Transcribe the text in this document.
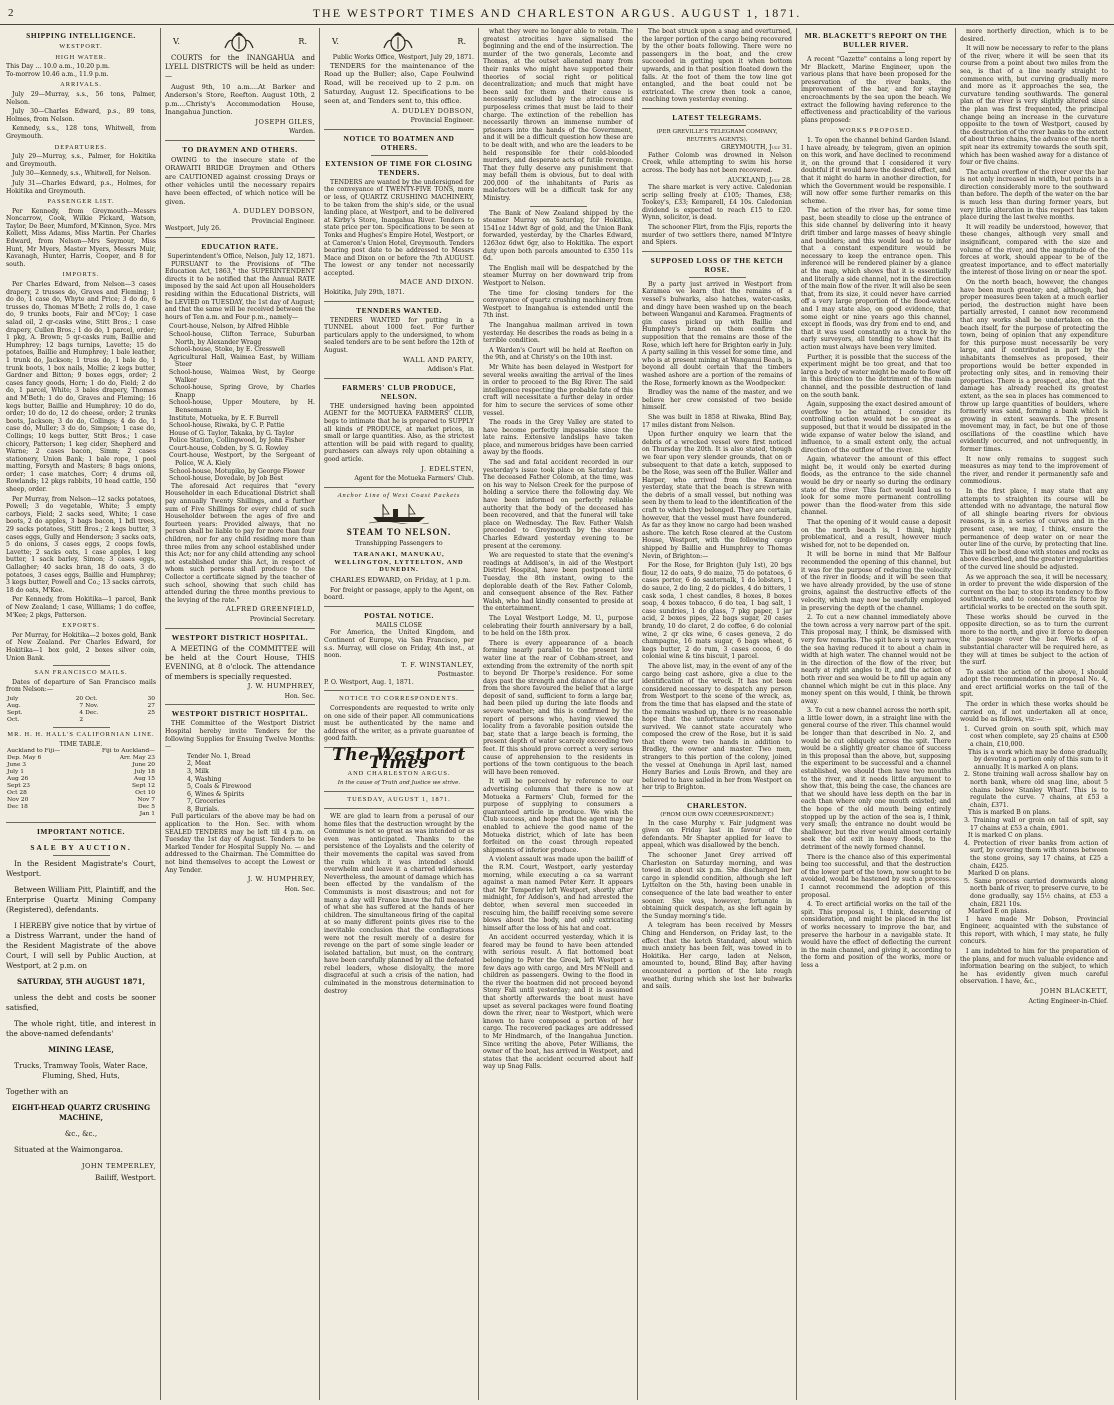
2	THE WESTPORT TIMES AND CHARLESTON ARGUS. AUGUST 1, 1871.
SHIPPING INTELLIGENCE.
WESTPORT.
HIGH WATER.
This Day ... 10.0 a.m., 10.20 p.m.
To-morrow 10.46 a.m., 11.9 p.m.
ARRIVALS.

July 29—Murray, s.s., 56 tons, Palmer, Nelson.

July 30—Charles Edward, p.s., 89 tons, Holmes, from Nelson.

Kennedy, s.s., 128 tons, Whitwell, from Greymouth.

DEPARTURES.

July 29—Murray, s.s., Palmer, for Hokitika and Greymouth.

July 30—Kennedy, s.s., Whitwell, for Nelson.

July 31—Charles Edward, p.s., Holmes, for Hokitika and Greymouth.

PASSENGER LIST.

Per Kennedy, from Greymouth—Messrs Noncarrow, Cook, Wilkie Pickard, Watson, Taylor, De Beer, Mumford, M'Kinnon, Syce. Mrs Kollett, Miss Adams, Miss Martin. Per Charles Edward, from Nelson—Mrs Seymour, Miss Hunt, Mr Myers, Master Myers, Messrs Muir, Kavanagh, Hunter, Harris, Cooper, and 8 for south.

IMPORTS.

Per Charles Edward, from Nelson—3 cases drapery, 2 trusses do, Graves and Fleming; 1 do do, 1 case do, Whyte and Price; 3 do do, 6 trusses do, Thomas M'Beth; 2 rolls do, 1 case do, 9 trunks boots, Fair and M'Coy; 1 case salad oil, 2 qr-casks wine, Stitt Bros.; 1 case drapery, Cullen Bros.; 1 do do, 1 parcel, order; 1 pkg, A. Brown; 5 qr-casks rum, Baillie and Humphrey; 12 bags turnips, Lavette; 15 do potatoes, Baillie and Humphrey; 1 bale leather, 1 trunk do, Jackson; 1 truss do, 1 bale do, 1 trunk boots, 1 box nails, Mollie; 2 kegs butter, Gardner and Bitton; 9 boxes eggs, order; 2 cases fancy goods, Horn; 1 do do, Field; 2 do do, 1 parcel, White; 3 bales drapery, Thomas and M'Beth; 1 do do, Graves and Fleming; 16 kegs butter, Baillie and Humphrey; 10 do do, order; 10 do do, 12 do cheese, order; 2 trunks boots, Jackson; 3 do do, Collings; 4 do do, 1 case do, Muller; 3 do do, Simpson; 1 case do, Collings; 10 kegs butter, Stitt Bros.; 1 case chicory, Patterson; 1 keg cider, Shepherd and Warne; 2 cases bacon, Simm; 2 cases stationery, Union Bank; 1 bale rope, 1 pool matting, Forsyth and Masters; 8 bags onions, order; 1 case matches, Corr; 4 drums oil, Rowlands; 12 pkgs rabbits, 10 head cattle, 150 sheep, order.

Per Murray, from Nelson—12 sacks potatoes, Powell; 3 do vegetable, White; 3 empty carboys, Field; 2 sacks seed, White; 1 case boots, 2 do apples, 3 bags bacon, 1 bdl trees, 29 sacks potatoes, Stitt Bros.; 2 kegs butter, 3 cases eggs, Gully and Henderson; 3 sacks oats, 5 do onions, 3 cases eggs, 2 coops fowls, Lavette; 2 sacks oats, 1 case apples, 1 keg butter, 1 sack barley, Simon; 3 cases eggs, Gallagher; 40 sacks bran, 18 do oats, 3 do potatoes, 3 cases eggs, Baillie and Humphrey; 3 kegs butter, Powell and Co.; 13 sacks carrots, 18 do oats, M'Kee.

Per Kennedy, from Hokitika—1 parcel, Bank of New Zealand; 1 case, Williams; 1 do coffee, M'Kee; 2 pkgs, Patterson.

EXPORTS.

Per Murray, for Hokitika—2 boxes gold, Bank of New Zealand. Per Charles Edward, for Hokitika—1 box gold, 2 boxes silver coin, Union Bank.

SAN FRANCISCO MAILS.

Dates of departure of San Francisco mails from Nelson:—

July	20	Oct.	30
Aug.	7	Nov.	27
Sept.	4	Dec.	25
Oct.	2		
MR. H. H. HALL'S CALIFORNIAN LINE.
TIME TABLE.
Auckland to Fiji—	Fiji to Auckland—
Dep. May 6	Arr. May 23
June 3	June 20
July 1	July 18
Aug 26	Aug 15
Sept 23	Sept 12
Oct 28	Oct 10
Nov 20	Nov 7
Dec 18	Dec 5
	Jan 1
IMPORTANT NOTICE.
SALE BY AUCTION.

In the Resident Magistrate's Court, Westport.

Between William Pitt, Plaintiff, and the Enterprise Quartz Mining Company (Registered), defendants.

I HEREBY give notice that by virtue of a Distress Warrant, under the hand of the Resident Magistrate of the above Court, I will sell by Public Auction, at Westport, at 2 p.m. on

SATURDAY, 5TH AUGUST 1871,

unless the debt and costs be sooner satisfied,

The whole right, title, and interest in the above-named defendants'

MINING LEASE,

Trucks, Tramway Tools, Water Race, Fluming, Shed, Huts,

Together with an

EIGHT-HEAD QUARTZ CRUSHING MACHINE,

&c., &c.,

Situated at the Waimongaroa.

JOHN TEMPERLEY,
Bailiff, Westport.
V.	R.

COURTS for the INANGAHUA and LYELL DISTRICTS will be held as under:—

August 9th, 10 a.m....At Barker and Anderson's Store, Reefton. August 10th, 2 p.m....Christy's Accommodation House, Inangahua Junction.

JOSEPH GILES,
Warden.
TO DRAYMEN AND OTHERS.

OWING to the insecure state of the ORAWAITI BRIDGE Draymen and Others are CAUTIONED against crossing Drays or other vehicles until the necessary repairs have been effected, of which notice will be given.

A. DUDLEY DOBSON,
Provincial Engineer.
Westport, July 26.
EDUCATION RATE.
Superintendent's Office, Nelson, July 12, 1871.

PURSUANT to the Provisions of "The Education Act, 1863," the SUPERINTENDENT directs it to be notified that the Annual RATE imposed by the said Act upon all Householders residing within the Educational Districts, will be LEVIED on TUESDAY, the 1st day of August; and that the same will be received between the hours of Ten a.m. and Four p.m., namely—

Court-house, Nelson, by Alfred Hibble
School-house, Clifton Terrace, Suburban North, by Alexander Wragg
School-house, Stoke, by E. Cresswell
Agricultural Hall, Waimea East, by William Steer
School-house, Waimea West, by George Walker
School-house, Spring Grove, by Charles Knapp
School-house, Upper Moutere, by H. Bensemann
Institute, Motueka, by E. F. Burrell
School-house, Riwaka, by C. P. Pattie
House of G. Taylor, Takaka, by G. Taylor
Police Station, Collingwood, by John Fisher
Court-house, Cobden, by S. G. Rowley
Court-house, Westport, by the Sergeant of Police, W. A. Kiely
School-house, Motupiko, by George Flower
School-house, Dovedale, by Job Best

The aforesaid Act requires that "every Householder in each Educational District shall pay annually Twenty Shillings, and a further sum of Five Shillings for every child of such Householder between the ages of five and fourteen years: Provided always, that no person shall be liable to pay for more than four children, nor for any child residing more than three miles from any school established under this Act; nor for any child attending any school not established under this Act, in respect of whom such persons shall produce to the Collector a certificate signed by the teacher of such school, showing that such child has attended during the three months previous to the levying of the rate."

ALFRED GREENFIELD,
Provincial Secretary.
WESTPORT DISTRICT HOSPITAL.

A MEETING of the COMMITTEE will be held at the Court House, THIS EVENING, at 8 o'clock. The attendance of members is specially requested.

J. W. HUMPHREY,
Hon. Sec.
WESTPORT DISTRICT HOSPITAL.

THE Committee of the Westport District Hospital hereby invite Tenders for the following Supplies for Ensuing Twelve Months:—

Tender No. 1, Bread
2, Meat
3, Milk
4, Washing
5, Coals & Firewood
6, Wines & Spirits
7, Groceries
8, Burials.

Full particulars of the above may be had on application to the Hon. Sec. with whom SEALED TENDERS may be left till 4 p.m. on Tuesday the 1st day of August. Tenders to be Marked Tender for Hospital Supply No. — and addressed to the Chairman. The Committee do not bind themselves to accept the Lowest or Any Tender.

J. W. HUMPHREY,
Hon. Sec.
V.	R.
Public Works Office, Westport, July 29, 1871.

TENDERS for the maintenance of the Road up the Buller; also, Cape Foulwind Road, will be received up to 2 p.m. on Saturday, August 12. Specifications to be seen at, and Tenders sent to, this office.

A. DUDLEY DOBSON,
Provincial Engineer.
NOTICE TO BOATMEN AND OTHERS.
EXTENSION OF TIME FOR CLOSING TENDERS.

TENDERS are wanted by the undersigned for the conveyance of TWENTY-FIVE TONS, more or less, of QUARTZ CRUSHING MACHINERY, to be taken from the ship's side, or the usual landing place, at Westport, and to be delivered at Kirby's Store, Inangahua River. Tenders to state price per ton. Specifications to be seen at Tonks and Hughes's Empire Hotel, Westport, or at Cameron's Union Hotel, Greymouth. Tenders bearing post date to be addressed to Messrs Mace and Dixon on or before the 7th AUGUST. The lowest or any tender not necessarily accepted.

MACE AND DIXON.
Hokitika, July 29th, 1871.
TENNDERS WANTED.

TENDERS WANTED for putting in a TUNNEL about 1000 feet. For further particulars apply to the undersigned, to whom sealed tenders are to be sent before the 12th of August.

WALL AND PARTY,
Addison's Flat.
FARMERS' CLUB PRODUCE, NELSON.

THE undersigned having been appointed AGENT for the MOTUEKA FARMERS' CLUB, begs to intimate that he is prepared to SUPPLY all kinds of PRODUCE, at market prices, in small or large quantities. Also, as the strictest attention will be paid with regard to quality, purchasers can always rely upon obtaining a good article.

J. EDELSTEN,
Agent for the Motueka Farmers' Club.
Anchor Line of West Coast Packets
STEAM TO NELSON.
Transhipping Passengers to
TARANAKI, MANUKAU, WELLINGTON, LYTTELTON, AND DUNEDIN.

CHARLES EDWARD, on Friday, at 1 p.m.

For freight or passage, apply to the Agent, on board.

POSTAL NOTICE.
MAILS CLOSE

For America, the United Kingdom, and Continent of Europe, via San Francisco, per s.s. Murray, will close on Friday, 4th inst., at noon.

T. F. WINSTANLEY,
Postmaster.
P. O. Westport, Aug. 1, 1871.
NOTICE TO CORRESPONDENTS.

Correspondents are requested to write only on one side of their paper. All communications must be authenticated by the name and address of the writer, as a private guarantee of good faith.

The Westport Times
AND CHARLESTON ARGUS.
In the cause of Truth and Justice we strive.
TUESDAY, AUGUST 1, 1871.

WE are glad to learn from a perusal of our home files that the destruction wrought by the Commune is not so great as was intended or as even was anticipated. Thanks to the persistence of the Loyalists and the celerity of their movements the capital was saved from the ruin which it was intended should overwhelm and leave it a charred wilderness. Nevertheless, the amount of damage which has been effected by the vandalism of the Communists is most disastrous; and not for many a day will France know the full measure of what she has suffered at the hands of her children. The simultaneous firing of the capital at so many different points gives rise to the inevitable conclusion that the conflagrations were not the result merely of a desire for revenge on the part of some single leader or isolated battalion, but must, on the contrary, have been carefully planned by all the defeated rebel leaders, whose disloyalty, the more disgraceful at such a crisis of the nation, had culminated in the monstrous determination to destroy

what they were no longer able to retain. The greatest atrocities have signalised the beginning and the end of the insurrection. The murder of the two generals, Lecomte and Thomas, at the outset alienated many from their ranks who might have supported their theories of social right or political decentralization; and much that might have been said for them and their cause is necessarily excluded by the atrocious and purposeless crimes that must be laid to their charge. The extinction of the rebellion has necessarily thrown an immense number of prisoners into the hands of the Government, and it will be a difficult question how these are to be dealt with, and who are the leaders to be held responsible for their cold-blooded murders, and desperate acts of futile revenge. That they fully deserve any punishment that may befall them is obvious, but to deal with 200,000 of the inhabitants of Paris as malefactors will be a difficult task for any Ministry.

The Bank of New Zealand shipped by the steamer Murray on Saturday, for Hokitika, 1541oz 14dwt 8gr of gold, and the Union Bank forwarded, yesterday, by the Charles Edward, 1263oz 6dwt 6gr, also to Hokitika. The export duty upon both parcels amounted to £350 11s 6d.

The English mail will be despatched by the steamer Murray on her downward trip from Westport to Nelson.

The time for closing tenders for the conveyance of quartz crushing machinery from Westport to Inangahua is extended until the 7th inst.

The Inangahua mailman arrived in town yesterday. He describes the roads as being in a terrible condition.

A Warden's Court will be held at Reefton on the 9th, and at Christy's on the 10th inst.

Mr White has been delayed in Westport for several weeks awaiting the arrival of the lines in order to proceed to the Big River. The said intelligence respecting the probable fate of this craft will necessitate a further delay in order for him to secure the services of some other vessel.

The roads in the Grey Valley are stated to have become perfectly impassable since the late rains. Extensive landslips have taken place, and numerous bridges have been carried away by the floods.

The sad and fatal accident recorded in our yesterday's issue took place on Saturday last. The deceased Father Colomb, at the time, was on his way to Nelson Creek for the purpose of holding a service there the following day. We have been informed on perfectly reliable authority that the body of the deceased has been recovered, and that the funeral will take place on Wednesday. The Rev. Father Walsh proceeded to Greymouth by the steamer Charles Edward yesterday evening to be present at the ceremony.

We are requested to state that the evening's readings at Addison's, in aid of the Westport District Hospital, have been postponed until Tuesday, the 8th instant, owing to the deplorable death of the Rev. Father Colomb, and consequent absence of the Rev. Father Walsh, who had kindly consented to preside at the entertainment.

The Loyal Westport Lodge, M. U., purpose celebrating their fourth anniversary by a ball, to be held on the 18th prox.

There is every appearance of a beach forming nearly parallel to the present low water line at the rear of Cobham-street, and extending from the extremity of the north spit to beyond Dr Thorpe's residence. For some days past the strength and distance of the surf from the shore favoured the belief that a large deposit of sand, sufficient to form a large bar, had been piled up during the late floods and severe weather; and this is confirmed by the report of persons who, having viewed the locality from a favorable position outside the bar, state that a large beach is forming, the present depth of water scarcely exceeding two feet. If this should prove correct a very serious cause of apprehension to the residents in portions of the town contiguous to the beach will have been removed.

It will be perceived by reference to our advertising columns that there is now at Motueka a Farmers' Club, formed for the purpose of supplying to consumers a guaranteed article in produce. We wish the Club success, and hope that the agent may be enabled to achieve the good name of the Motueka district, which of late has been forfeited on the coast through repeated shipments of inferior produce.

A violent assault was made upon the bailiff of the R.M. Court, Westport, early yesterday morning, while executing a ca sa warrant against a man named Peter Kerr. It appears that Mr Temperley left Westport, shortly after midnight, for Addison's, and had arrested the debtor, when several men succeeded in rescuing him, the bailiff receiving some severe blows about the body, and only extricating himself after the loss of his hat and coat.

An accident occurred yesterday, which it is feared may be found to have been attended with serious result. A flat bottomed boat belonging to Peter the Greek, left Westport a few days ago with cargo, and Mrs M'Neill and children as passengers. Owing to the flood in the river the boatmen did not proceed beyond Stony Fall until yesterday; and it is assumed that shortly afterwards the boat must have upset as several packages were found floating down the river, near to Westport, which were known to have composed a portion of her cargo. The recovered packages are addressed to Mr Hindmarch, of the Inangahua Junction. Since writing the above, Peter Williams, the owner of the boat, has arrived in Westport, and states that the accident occurred about half way up Snag Falls.

The boat struck upon a snag and overturned, the larger portion of the cargo being recovered by the other boats following. There were no passengers in the boat, and the crew succeeded in getting upon it when bottom upwards, and in that position floated down the falls. At the foot of them the tow line got entangled, and the boat could not be extricated. The crew then took a canoe, reaching town yesterday evening.

LATEST TELEGRAMS.
(PER GREVILLE'S TELEGRAM COMPANY, REUTER'S AGENTS).
GREYMOUTH, July 31.

Father Colomb was drowned in Nelson Creek, while attempting to swim his horse across. The body has not been recovered.

AUCKLAND, July 28.

The share market is very active. Caledonian scrip selling freely at £105; Thames, £38; Tookey's, £33; Kemparell, £4 10s. Caledonian dividend is expected to reach £15 to £20. Wynn, solicitor, is dead.

The schooner Flirt, from the Fijis, reports the murder of two settlers there, named M'Intyre and Spiers.

SUPPOSED LOSS OF THE KETCH ROSE.

By a party just arrived in Westport from Karamea we learn that the remains of a vessel's bulwarks, also hatches, water-casks, and dingy have been washed up on the beach between Wanganui and Karamea. Fragments of gin cases picked up with Baillie and Humphrey's brand on them confirm the supposition that the remains are those of the Rose, which left here for Brighton early in July. A party sailing in this vessel for some time, and who is at present mining at Wanganui Beach, is beyond all doubt certain that the timbers washed ashore are a portion of the remains of the Rose, formerly known as the Woodpecker.

Bradley was the name of the master, and we believe her crew consisted of two beside himself.

She was built in 1858 at Riwaka, Blind Bay, 17 miles distant from Nelson.

Upon further enquiry we learn that the debris of a wrecked vessel were first noticed on Thursday the 20th. It is also stated, though we fear upon very slender grounds, that on or subsequent to that date a ketch, supposed to be the Rose, was seen off the Buller. Waller and Harper, who arrived from the Karamea yesterday, state that the beach is strewn with the debris of a small vessel, but nothing was seen by them to lead to the identification of the craft to which they belonged. They are certain, however, that the vessel must have foundered. As far as they know no cargo had been washed ashore. The ketch Rose cleared at the Custom House, Westport, with the following cargo shipped by Baillie and Humphrey to Thomas Nevin, of Brighton:—

For the Rose, for Brighton (July 1st), 20 bgs flour, 12 do oats, 9 do maize, 75 do potatoes, 6 cases porter, 6 do sauternalk, 1 do lobsters, 1 do sauce, 2 do ling, 2 do pickles, 4 do bitters, 1 cask soda, 1 chest candles, 8 boxes, 8 boxes soap, 4 boxes tobacco, 6 do tea, 1 bag salt, 1 case sundries, 1 do glass, 7 pkg paper, 1 jar acid, 2 boxes pipes, 22 bags sugar, 20 cases brandy, 10 do claret, 2 do coffee, 6 do colonial wine, 2 qr cks wine, 6 cases geneva, 2 do champagne, 16 mats sugar, 6 bags wheat, 6 kegs butter, 2 do rum, 3 cases cocoa, 6 do colonial wine & tins biscuit, 1 parcel.

The above list, may, in the event of any of the cargo being cast ashore, give a clue to the identification of the wreck. It has not been considered necessary to despatch any person from Westport to the scene of the wreck, as, from the time that has elapsed and the state of the remains washed up, there is no reasonable hope that the unfortunate crew can have survived. We cannot state accurately who composed the crew of the Rose, but it is said that there were two hands in addition to Bradley, the owner and master. Two men, strangers to this portion of the colony, joined the vessel at Onehunga in April last, named Henry Baries and Louis Brown, and they are believed to have sailed in her from Westport on her trip to Brighton.

CHARLESTON.
(FROM OUR OWN CORRESPONDENT.)

In the case Murphy v. Fair judgment was given on Friday last in favour of the defendants. Mr Shapter applied for leave to appeal, which was disallowed by the bench.

The schooner Janet Grey arrived off Charleston on Saturday morning, and was towed in about six p.m. She discharged her cargo in splendid condition, although she left Lyttelton on the 5th, having been unable in consequence of the late bad weather to enter sooner. She was, however, fortunate in obtaining quick despatch, as she left again by the Sunday morning's tide.

A telegram has been received by Messrs Ching and Henderson, on Friday last, to the effect that the ketch Standard, about which much anxiety has been felt, was towed in to Hokitika. Her cargo, laden at Nelson, amounted to, bound, Blind Bay, after having encountered a portion of the late rough weather, during which she lost her bulwarks and sails.

MR. BLACKETT'S REPORT ON THE BULLER RIVER.

A recent "Gazette" contains a long report by Mr Blackett, Marine Engineer, upon the various plans that have been proposed for the preservation of the river banks, the improvement of the bar, and for staying encroachments by the sea upon the beach. We extract the following having reference to the effectiveness and practicability of the various plans proposed:

WORKS PROPOSED.

1. To open the channel behind Garden Island. I have already, by telegram, given an opinion on this work, and have declined to recommend it, on the ground that I considered it very doubtful if it would have the desired effect, and that it might do harm in another direction, for which the Government would be responsible. I will now offer some further remarks on this scheme.

The action of the river has, for some time past, been steadily to close up the entrance of this side channel by delivering into it heavy drift timber and large masses of heavy shingle and boulders; and this would lead us to infer that a constant expenditure would be necessary to keep the entrance open. This inference will be rendered plainer by a glance at the map, which shows that it is essentially and literally a side channel, not in the direction of the main flow of the river. It will also be seen that, from its size, it could never have carried off a very large proportion of the flood-water, and I may state also, on good evidence, that some eight or nine years ago this channel, except in floods, was dry from end to end, and that it was used constantly as a track by the early surveyors, all tending to show that its action must always have been very limited.

Further, it is possible that the success of the experiment might be too great, and that too large a body of water might be made to flow off in this direction to the detriment of the main channel, and the possible destruction of land on the south bank.

Again, supposing the exact desired amount of overflow to be attained, I consider its controlling action would not be so great as supposed, but that it would be dissipated in the wide expanse of water below the island, and influence, to a small extent only, the actual direction of the outflow of the river.

Again, whatever the amount of this effect might be, it would only be exerted during floods, as the entrance to the side channel would be dry or nearly so during the ordinary state of the river. This fact would lead us to look for some more permanent controlling power than the flood-water from this side channel.

That the opening of it would cause a deposit on the north beach is, I think, highly problematical, and a result, however much wished for, not to be depended on.

It will be borne in mind that Mr Balfour recommended the opening of this channel, but it was for the purpose of reducing the velocity of the river in floods; and it will be seen that we have already provided, by the use of stone groins, against the destructive effects of the velocity, which may now be usefully employed in preserving the depth of the channel.

2. To cut a new channel immediately above the town across a very narrow part of the spit. This proposal may, I think, be dismissed with very few remarks. The spit here is very narrow, the sea having reduced it to about a chain in width at high water. The channel would not be in the direction of the flow of the river, but nearly at right angles to it, and the action of both river and sea would be to fill up again any channel which might be cut in this place. Any money spent on this would, I think, be thrown away.

3. To cut a new channel across the north spit, a little lower down, in a straight line with the general course of the river. This channel would be longer than that described in No. 2, and would be cut obliquely across the spit. There would be a slightly greater chance of success in this proposal than the above, but, supposing the experiment to be successful and a channel established, we should then have two mouths to the river, and it needs little argument to show that, this being the case, the chances are that we should have less depth on the bar in each than where only one mouth existed; and the hope of the old mouth being entirely stopped up by the action of the sea is, I think, very small; the entrance no doubt would be shallower, but the river would almost certainly seek the old exit in heavy floods, to the detriment of the newly formed channel.

There is the chance also of this experimental being too successful, and that the destruction of the lower part of the town, now sought to be avoided, would be hastened by such a process. I cannot recommend the adoption of this proposal.

4. To erect artificial works on the tail of the spit. This proposal is, I think, deserving of consideration, and might be placed in the list of works necessary to improve the bar, and preserve the harbour in a navigable state. It would have the effect of deflecting the current in the main channel, and giving it, according to the form and position of the works, more or less a

more northerly direction, which is to be desired.

It will now be necessary to refer to the plans of the river, where it will be seen that its course from a point about two miles from the sea, is that of a line nearly straight to commence with, but curving gradually more and more as it approaches the sea, the curvature tending southwards. The general plan of the river is very slightly altered since the plan was first frequented, the principal change being an increase in the curvature opposite to the town of Westport, caused by the destruction of the river banks to the extent of about three chains, the advance of the north spit near its extremity towards the south spit, which has been washed away for a distance of four or five chains.

The actual overflow of the river over the bar is not only increased in width, but points in a direction considerably more to the southward than before. The depth of the water on the bar is much less than during former years, but very little alteration in this respect has taken place during the last twelve months.

It will readily be understood, however, that these changes, although very small and insignificant, compared with the size and volume of the river, and the magnitude of the forces at work, should appear to be of the greatest importance, and to effect materially the interest of those living on or near the spot.

On the north beach, however, the changes have been much greater; and, although, had proper measures been taken at a much earlier period, the destruction might have been partially arrested, I cannot now recommend that any works shall be undertaken on the beach itself, for the purpose of protecting the town, being of opinion that any expenditure for this purpose must necessarily be very large, and if contributed in part by the inhabitants themselves as proposed, their proportions would be better expended in protecting only sites, and in removing their properties. There is a prospect, also, that the damage has already reached its greatest extent, as the sea in places has commenced to throw up large quantities of boulders, where formerly was sand, forming a bank which is growing in extent seawards. The present movement may, in fact, be but one of those oscillations of the coastline which have evidently occurred, and not unfrequently, in former times.

It now only remains to suggest such measures as may tend to the improvement of the river, and render it permanently safe and commodious.

In the first place, I may state that any attempts to straighten its course will be attended with no advantage, the natural flow of all shingle bearing rivers for obvious reasons, is in a series of curves and in the present case, we may, I think, ensure the permanence of deep water on or near the outer line of the curve, by protecting that line. This will be best done with stones and rocks as above described, and the greater irregularities of the curved line should be adjusted.

As we approach the sea, it will be necessary, in order to prevent the wide dispersion of the current on the bar, to stop its tendency to flow southwards, and to concentrate its force by artificial works to be erected on the south spit.

These works should be curved in the opposite direction, so as to turn the current more to the north, and give it force to deepen the passage over the bar. Works of a substantial character will be required here, as they will at times be subject to the action of the surf.

To assist the action of the above, I should adopt the recommendation in proposal No. 4, and erect artificial works on the tail of the spit.

The order in which these works should be carried on, if not undertaken all at once, would be as follows, viz:—

1. Curved groin on south spit, which may cost when complete, say 25 chains at £500 a chain, £10,000.
This is a work which may be done gradually, by devoting a portion only of this sum to it annually. It is marked A on plans.
2. Stone training wall across shallow bay on north bank, where old snag line, about 5 chains below Stanley Wharf. This is to regulate the curve. 7 chains, at £53 a chain, £371.
This is marked B on plans.
3. Training wall or groin on tail of spit, say 17 chains at £53 a chain, £901.
It is marked C on plans.
4. Protection of river banks from action of surf, by covering them with stones between the stone groins, say 17 chains, at £25 a chain, £425.
Marked D on plans.
5. Same process carried downwards along north bank of river, to preserve curve, to be done gradually, say 15½ chains, at £53 a chain, £821 10s.
Marked E on plans.

I have made Mr Dobson, Provincial Engineer, acquainted with the substance of this report, with which, I may state, he fully concurs.

I am indebted to him for the preparation of the plans, and for much valuable evidence and information bearing on the subject, to which he has evidently given much careful observation. I have, &c.,

JOHN BLACKETT,
Acting Engineer-in-Chief.
